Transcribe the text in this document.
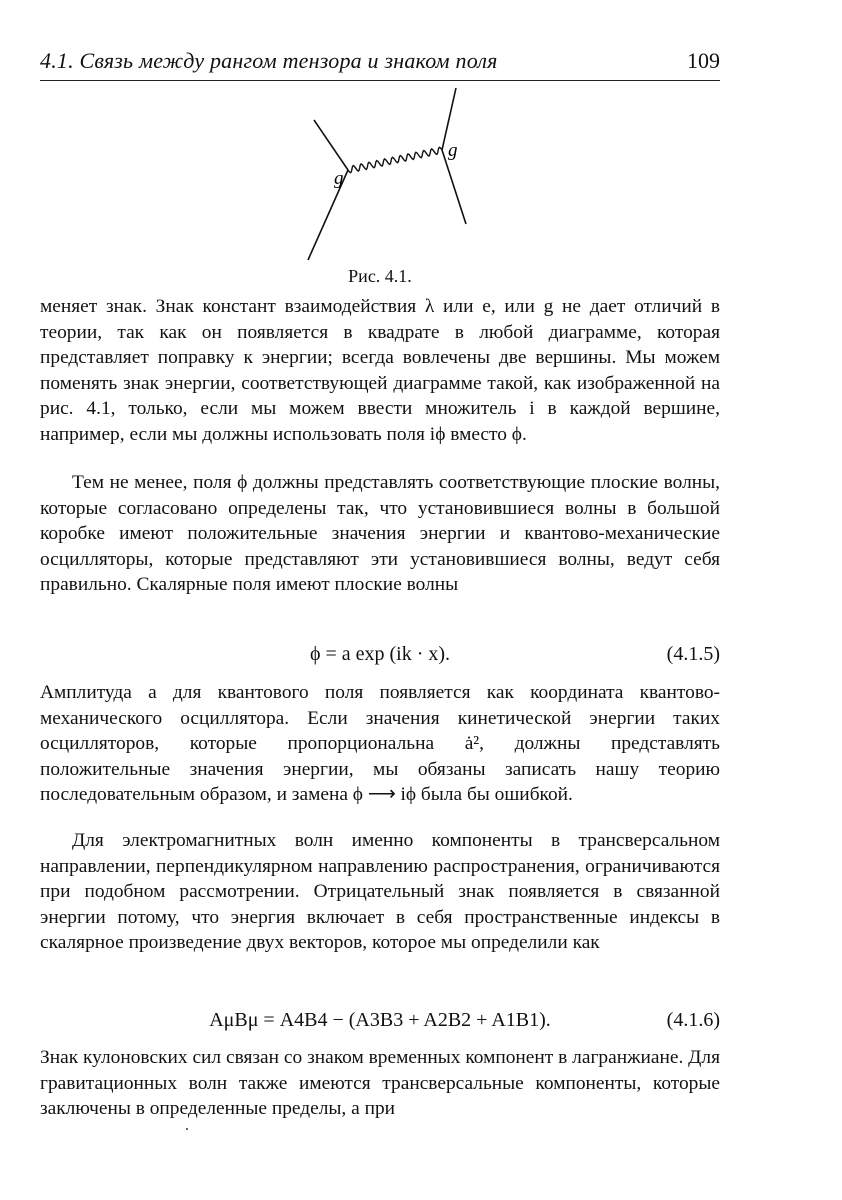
4.1. Связь между рангом тензора и знаком поля	109
g
g
Рис. 4.1.

меняет знак. Знак констант взаимодействия λ или e, или g не дает отличий в теории, так как он появляется в квадрате в любой диаграмме, которая представляет поправку к энергии; всегда вовлечены две вершины. Мы можем поменять знак энергии, соответствующей диаграмме такой, как изображенной на рис. 4.1, только, если мы можем ввести множитель i в каждой вершине, например, если мы должны использовать поля iϕ вместо ϕ.

Тем не менее, поля ϕ должны представлять соответствующие плоские волны, которые согласовано определены так, что установившиеся волны в большой коробке имеют положительные значения энергии и квантово-механические осцилляторы, которые представляют эти установившиеся волны, ведут себя правильно. Скалярные поля имеют плоские волны

ϕ = a exp (ik · x).	(4.1.5)

Амплитуда a для квантового поля появляется как координата квантово-механического осциллятора. Если значения кинетической энергии таких осцилляторов, которые пропорциональна ȧ², должны представлять положительные значения энергии, мы обязаны записать нашу теорию последовательным образом, и замена ϕ ⟶ iϕ была бы ошибкой.

Для электромагнитных волн именно компоненты в трансверсальном направлении, перпендикулярном направлению распространения, ограничиваются при подобном рассмотрении. Отрицательный знак появляется в связанной энергии потому, что энергия включает в себя пространственные индексы в скалярное произведение двух векторов, которое мы определили как

AμBμ = A4B4 − (A3B3 + A2B2 + A1B1).	(4.1.6)

Знак кулоновских сил связан со знаком временных компонент в лагранжиане. Для гравитационных волн также имеются трансверсальные компоненты, которые заключены в определенные пределы, а при
